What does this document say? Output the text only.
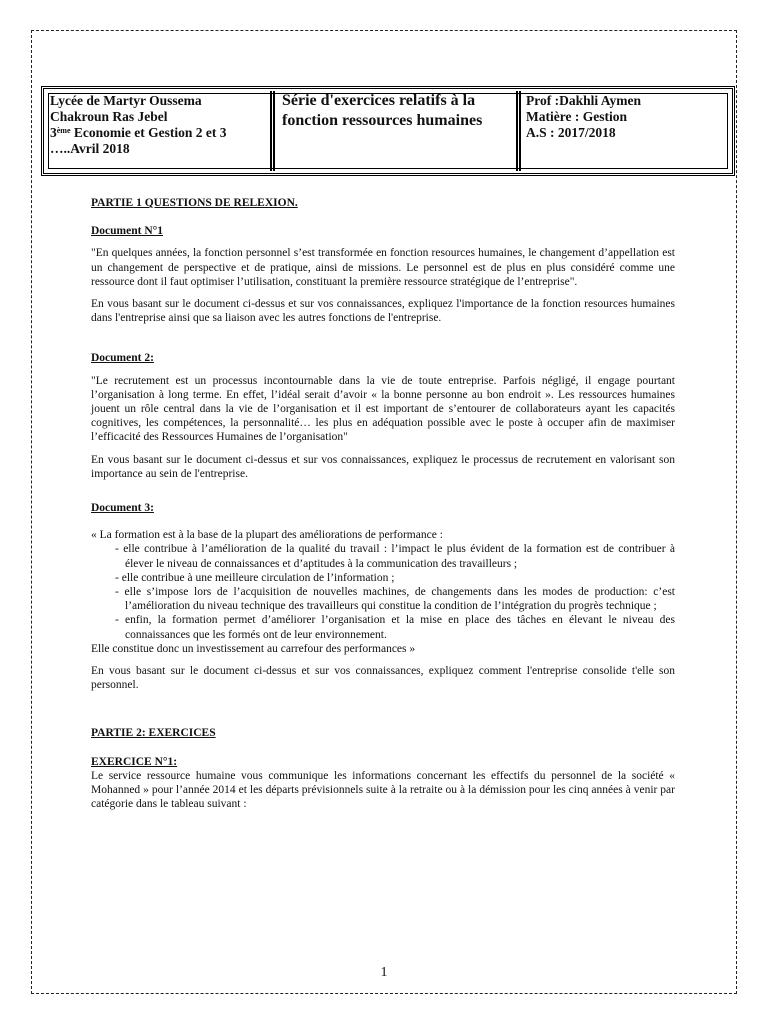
Lycée de Martyr Oussema
Chakroun Ras Jebel
3ème Economie et Gestion 2 et 3
…..Avril 2018
Série d'exercices relatifs à la
fonction ressources humaines
Prof :Dakhli Aymen
Matière : Gestion
A.S : 2017/2018

PARTIE 1 QUESTIONS DE RELEXION.

Document N°1

"En quelques années, la fonction personnel s’est transformée en fonction resources humaines, le changement d’appellation est un changement de perspective et de pratique, ainsi de missions. Le personnel est de plus en plus considéré comme une ressource dont il faut optimiser l’utilisation, constituant la première ressource stratégique de l’entreprise".

En vous basant sur le document ci-dessus et sur vos connaissances, expliquez l'importance de la fonction resources humaines dans l'entreprise ainsi que sa liaison avec les autres fonctions de l'entreprise.

Document 2:

"Le recrutement est un processus incontournable dans la vie de toute entreprise. Parfois négligé, il engage pourtant l’organisation à long terme. En effet, l’idéal serait d’avoir « la bonne personne au bon endroit ». Les ressources humaines jouent un rôle central dans la vie de l’organisation et il est important de s’entourer de collaborateurs ayant les capacités cognitives, les compétences, la personnalité… les plus en adéquation possible avec le poste à occuper afin de maximiser l’efficacité des Ressources Humaines de l’organisation"

En vous basant sur le document ci-dessus et sur vos connaissances, expliquez le processus de recrutement en valorisant son importance au sein de l'entreprise.

Document 3:

« La formation est à la base de la plupart des améliorations de performance :

- elle contribue à l’amélioration de la qualité du travail : l’impact le plus évident de la formation est de contribuer à élever le niveau de connaissances et d’aptitudes à la communication des travailleurs ;
- elle contribue à une meilleure circulation de l’information ;
- elle s’impose lors de l’acquisition de nouvelles machines, de changements dans les modes de production: c’est l’amélioration du niveau technique des travailleurs qui constitue la condition de l’intégration du progrès technique ;
- enfin, la formation permet d’améliorer l’organisation et la mise en place des tâches en élevant le niveau des connaissances que les formés ont de leur environnement.

Elle constitue donc un investissement au carrefour des performances »

En vous basant sur le document ci-dessus et sur vos connaissances, expliquez comment l'entreprise consolide t'elle son personnel.

PARTIE 2: EXERCICES

EXERCICE N°1:

Le service ressource humaine vous communique les informations concernant les effectifs du personnel de la société « Mohanned » pour l’année 2014 et les départs prévisionnels suite à la retraite ou à la démission pour les cinq années à venir par catégorie dans le tableau suivant :

1
